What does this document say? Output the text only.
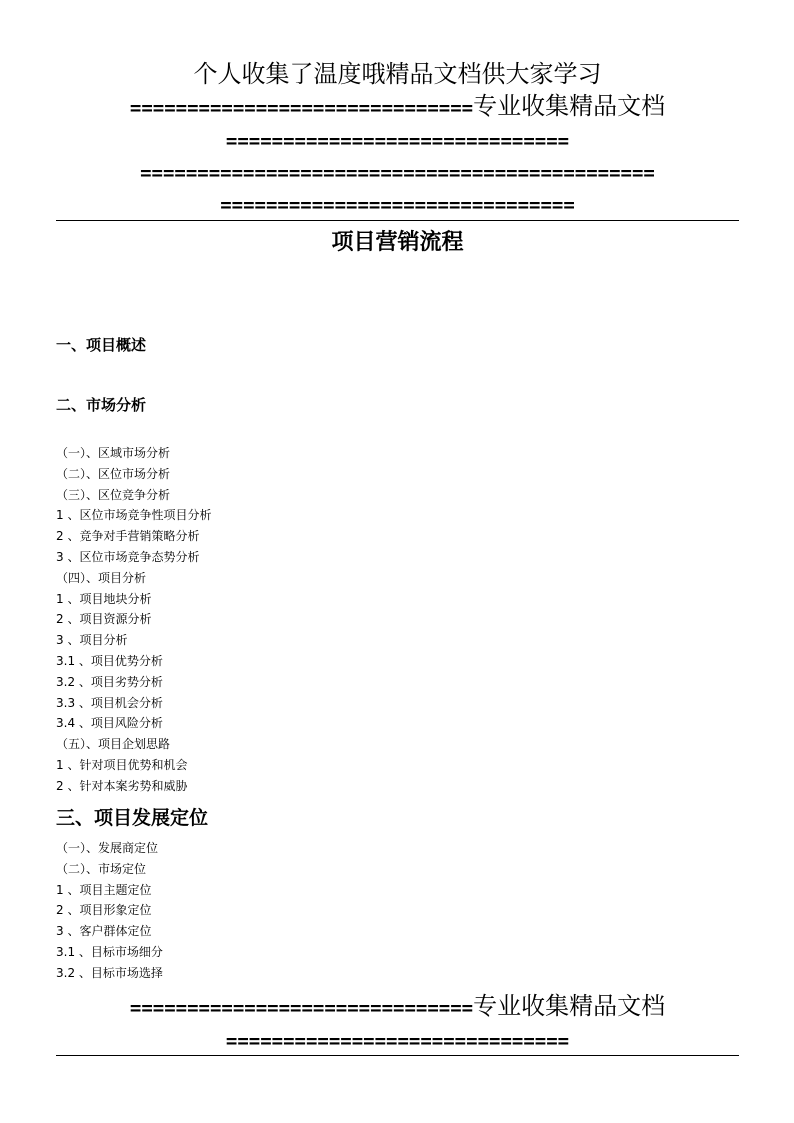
个人收集了温度哦精品文档供大家学习
==============================专业收集精品文档
==============================
=============================================
===============================
项目营销流程
一、项目概述
二、市场分析
（一）、区域市场分析
（二）、区位市场分析
（三）、区位竞争分析
1 、区位市场竞争性项目分析
2 、竞争对手营销策略分析
3 、区位市场竞争态势分析
（四）、项目分析
1 、项目地块分析
2 、项目资源分析
3 、项目分析
3.1 、项目优势分析
3.2 、项目劣势分析
3.3 、项目机会分析
3.4 、项目风险分析
（五）、项目企划思路
1 、针对项目优势和机会
2 、针对本案劣势和威胁
三、项目发展定位
（一）、发展商定位
（二）、市场定位
1 、项目主题定位
2 、项目形象定位
3 、客户群体定位
3.1 、目标市场细分
3.2 、目标市场选择
==============================专业收集精品文档
==============================
